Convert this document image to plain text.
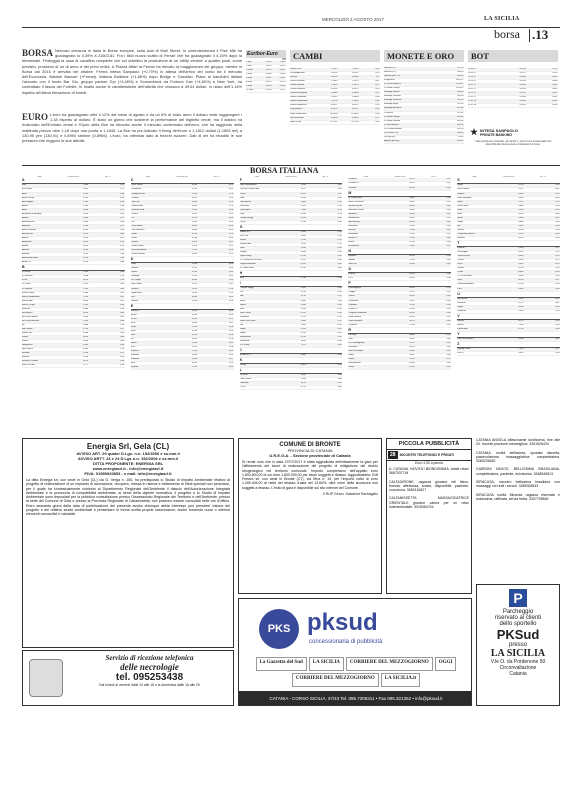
MERCOLEDÌ 2 AGOSTO 2017	LA SICILIA
borsa .13
BORSA Nervoso chiusura in Italia le Borse europee, sulla scia di Wall Street. In controtendenza il Ftse Mib ha guadagnato lo 0,39% a 21602,81. Fra i titoli nuovo scatto di Ferrari che ha guadagnato il 4,15% dopo la trimestrale. Festeggia la casa di cavallino rampante che sul obiettivo la produzione di un 'utility vehicle' a quattro posti, come previsto, prossimo di un di anno a dei primi ordini. A Piazza Affari la Ferrari ha rilevato la maggioranza del gruppo, mentre in Borsa dal 2015 è arrivata nel ottobre. Ferma Intesa Sanpaolo (+0,70%) in attesa dell'arrivo del conto tra il mercato dell'Economia. Baloise Bancari (+Ferrari). Italiana Bollicine (+1,86%) dopo Bridge e Garofalo. Piace ai banchieri italiani l'accordo con il fondo Bar Gio, gruppo partner Gpi (+3,48%) e Sonnenbeck da Fortuna Cab (+4,80%) a New York, ha contrattato il fascia del Fortnite. In risalto anche le caratteristiche dell'attività che chiusura a 49,61 dollari, in rialzo dell'1,14% rispetto all'ultima rilevazione di lunedì.
EURO L'euro ha guadagnato oltre il 12% dal mese di agosto e da un 6% di inizio anno il dollaro vede raggiungere i 1,18 rispetto al dollaro. È stato un giorno che sostiene la performance del biglietto verde, ma il dollaro ha ricalcolato dell'Emirato ormai e l'Opec della Bce ha ritrovato anche il mercato confermato dell'euro, che ha raggiunto nella mattinata prezzo oltre 1,18 dopo una punta a 1,1845. La Bce ha pre-indicato il fixing dell'euro a 1,1812 dollari (1,1853 ieri) a 130,95 yen (130,91) e 0,8994 sterline (0,8966). L'euro, ha ottimista dato ai franchi svizzeri. Dati di ieri ha ribadito le sue pressioni che reggono le sue attività.
Euribor-Euro
365
1 sett.	-0,378	-0,381
2 sett.	-0,374	-0,376
1 mese	-0,373	-0,373
2 mesi	-0,340	-0,340
3 mesi	-0,331	-0,331
6 mesi	-0,273	-0,273
9 mesi	-0,203	-0,206
12 mesi	-0,154	-0,157
CAMBI
Dollaro Usa	1,1812	1,1833	0,85
Yen giapponese	130,95	130,91	0,76
Sterlina	0,8994	0,8966	1,11
Franco svizzero	1,1440	1,1479	0,87
Corona danese	7,4370	7,4370	0,13
Corona svedese	9,6130	9,6275	0,10
Corona norvegese	9,3483	9,3800	0,11
Dollaro canadese	1,4815	1,4808	0,68
Dollaro australiano	1,4796	1,4801	0,68
Fiorino ungherese	304,27	304,25	0,33
Zloty polacco	4,2523	4,2572	0,24
Rand sudafricano	15,6958	15,5945	0,06
Real brasiliano	3,6990	3,6825	0,27
Rublo russo	70,7507	70,7730	0,01
MONETE E ORO
Sterlina (v.c.)	247,36
Sterlina (n.c.)	248,23
Sterlina (post 74)	248,23
Krugerrand	1021,22
50 Pesos Messico	1193,41
20 Dollari Liberty	1139,32
Marengo Italiano	188,09
Marengo Svizzero	189,09
Marengo Francese	187,65
Marengo Belga	187,65
Marengo Austriaco	187,65
20 Marchi	222,42
10 Dollari Liberty	601,06
10 Dollari Indiano	601,06
4 Ducati Austria	445,95
100 Corone Austria	941,94
100 Pesos Cile	586,20
Oro (per gr.)	35,35
Argento (per kg.)	496,91
BOT
31.08.17	99,938	0,734
29.09.17	99,977	0,293
13.10.17	99,958	0,410
31.10.17	99,953	0,389
14.11.17	99,946	0,402
30.11.17	99,932	0,342
14.12.17	99,917	0,287
29.12.17	99,906	0,287
12.01.18	99,899	0,381
31.01.18	99,870	0,301
INTESA SANPAOLO
PRIVATE BANKING
I dati riportati sono indicativi: gli scambi e i prezzi sono ricavati dalle fonti disponibili alla chiusura delle contrattazioni di borsa.
BORSA ITALIANA
Titolo	Prezzo di Rif.	Var. %
A
A2A	1,400	0,79
A.S. Roma	0,411	1,21
Acea	13,95	0,80
Acotel Group	3,700	-0,54
Acsm-Agam	1,990	0,00
Aedes	0,700	-1,00
Aeffe	2,680	0,75
Aeroporto di Bologna	16,20	-0,43
Alerion	2,800	0,72
Ambienthesis	0,500	0,00
Amplifon	12,66	-0,71
Anima Holding	6,465	1,49
Ansaldo Sts	12,16	0,08
Aquafil	9,850	0,51
Ascopiave	3,650	0,55
Astaldi	6,020	-1,31
Atlantia	26,49	0,42
Autogrill	11,01	1,66
Autostrade Merid.	27,00	0,00
Azimut H.	18,38	0,88
B
B. Desio	2,350	0,86
B. Generali	29,64	1,16
B. Ifis	38,14	2,34
B. Profilo	0,220	0,46
B. Sistema	2,234	0,63
Banca Finnat	0,380	0,53
Banca Mediolanum	7,320	0,47
Banco Bpm	3,024	0,07
Banca Carige	0,299	-0,43
Basicnet	3,860	0,26
BB Biotech	56,40	0,00
Bca Pop Sondrio	3,500	0,81
Bco Desio Brianza	2,350	0,86
Be	0,888	1,20
Beni Stabili	0,736	0,27
Bialetti Ind.	0,380	1,60
Biesse	38,00	0,80
Bioera	0,560	0,00
Borgosesia	0,530	0,00
Bper Banca	4,842	1,13
Brembo	12,84	0,79
Brioschi	0,150	0,00
Brunello Cucinelli	26,10	-0,38
Buzzi Unicem	21,77	0,46
Titolo	Prezzo di Rif.	Var. %
C
Cairo Comm.	3,990	0,25
Caltagirone	3,170	0,00
Caltagirone Ed.	1,320	0,76
Campari	6,355	1,60
Carel Ind.	9,800	0,20
Cattolica Ass.	8,200	0,74
Cementir Hold.	5,160	0,98
Cerved	10,20	0,39
Cia	0,220	0,00
CIR	1,332	0,30
Class Editori	0,450	0,00
CNH Industrial	9,860	-0,35
Cofide	0,556	1,09
Conafi	0,296	0,00
Credem	6,100	0,91
Credito Valtell.	5,370	1,51
Csp International	1,110	0,00
Cucina Società	4,500	0,22
D
Dada	2,950	0,00
Damiani	1,230	0,00
Danieli	22,44	0,45
Datalogic	27,00	0,63
De' Longhi	28,40	0,35
DeA Capital	1,570	0,32
Diasorin	74,05	0,14
Digital Bros	13,60	1,12
Dea	0,400	0,00
Dobank	12,60	0,64
E
Edison R	1,420	0,00
EEMS	0,350	0,00
El. En.	28,30	0,71
Elica	2,480	0,81
Emak	2,100	0,48
Enav	4,130	0,24
Enel	4,878	0,98
Eni	13,65	0,74
Eprice	2,240	0,45
ERG	12,62	0,16
Esprinet	7,070	0,43
Eukedos	1,060	0,00
Eurotech	1,636	0,37
Exor	54,90	1,29
Exprivia	1,228	0,49
Titolo	Prezzo di Rif.	Var. %
F
Falck Renewables	1,450	0,69
Fca-Fiat Chrysler Aut.	10,87	0,84
Ferrari	95,45	4,15
Fidia	5,650	0,00
Fiera Milano	3,060	0,33
Fincantieri	1,074	0,56
Finecobank	7,580	0,53
FNM	0,610	0,33
Frendy Energy	0,298	0,00
Fullsix	1,230	0,00
G
Gabetti P.S.	0,500	0,00
Gas Plus	3,900	0,26
Gefran	5,760	0,70
Generali Ass.	15,59	0,71
Geox	3,350	0,30
Gequity	0,080	0,00
Giglio Group	6,700	0,45
Gr. Ceramiche Ricchetti	0,470	0,00
Gruppo Editoriale	0,520	0,00
Gr. Waste Italia	0,150	0,00
H
Hera	2,738	0,66
I
I Grandi Viaggi	2,020	0,00
IGD	0,790	0,38
IMA	74,15	0,47
Immsi	0,560	0,18
Indel B	31,80	0,63
Inwit	5,200	0,19
Intek Group	0,292	0,34
Interpump	27,25	0,92
Intesa San Paolo	2,880	0,70
Iren	2,420	0,41
Isagro	2,470	0,41
Italgas	4,760	0,42
Italmobiliare	25,50	0,39
Italiaonline	3,020	0,00
IVS Group	11,25	0,00
J
Juventus FC	0,860	0,53
K
Kering	292,0	0,41
L
La Doria	14,90	0,68
Landi Renzo	1,450	1,40
Leonardo	14,70	0,55
LU-VE	12,70	0,00
Titolo	Prezzo di Rif.	Var. %
Luxottica	49,51	0,18
Luxottica G.	49,51	0,18
Lventure	0,550	0,00
M
M. Zanetti Bev.	6,480	0,00
Maire Tecnimont	4,464	0,36
Mariella Burani	0,000	0,00
Massimo Zanetti	6,480	0,00
Mediaset	3,364	0,18
Mediobanca	8,835	0,40
Mid Industry	0,030	0,00
Moleskine	2,380	0,00
Moncler	21,88	0,18
Mondadori	1,968	0,31
Mondo TV	7,450	0,54
Monrif	0,296	0,00
Mutuionline	13,80	0,73
N
Netweek	0,100	0,00
Newlat	1,650	0,00
Nova Re	4,200	0,00
O
Olidata	0,250	0,00
OVS	6,335	0,40
P
Panariagroup	6,030	0,33
Piaggio	2,312	0,52
Pierrel	0,260	0,00
Pininfarina	3,970	0,00
Piquadro	2,100	0,48
Pirelli & C.	6,990	0,58
Poligrafici Editoriale	0,180	0,00
Poste Italiane	6,250	0,32
Prima Industrie	30,76	0,85
Prysmian	27,44	1,07
R
Rai Way	4,868	0,35
Ratti	3,010	0,00
RCS Mediagroup	1,232	0,24
Recordati	36,33	0,36
Reno De Medici	0,380	0,26
Reply	168,2	0,36
Retelit	1,916	0,73
Risanamento	0,034	0,00
Rosss	0,760	0,00
Titolo	Prezzo di Rif.	Var. %
S
Sabaf	19,90	0,00
Saes Getters	23,12	0,61
Saipem	4,004	0,20
Salini Impregilo	3,014	0,40
Saras	2,176	0,74
Servizi Italia	4,840	0,00
Sesa	25,80	0,39
SIAS	10,90	0,46
Snam	3,900	0,41
Sogefi	4,680	0,64
Sol	9,850	0,00
Space2	10,00	0,00
STMicroelectronics	14,05	0,43
Stefanel	0,210	0,00
T
Tamburi	5,900	0,17
Technogym	8,200	0,24
Telecom Italia	0,850	0,53
Tenaris	13,80	0,73
Terna	4,820	0,10
Tesmec	0,700	0,00
Tiscali	0,044	0,00
TXT e-solutions	9,900	0,00
Tod's	58,05	0,17
Toscana Aeroporti	15,50	0,00
Trevi	0,980	0,00
U
UBI Banca	3,944	0,51
Unicredit	17,35	0,67
Unipol	4,106	0,36
UnipolSai	2,034	0,30
V
Valsoia	20,25	0,00
Vianini	1,500	0,00
Vittoria Ass.	12,50	0,00
Y
Yoox Net-a-porter	24,86	0,62
Z
Zignago Vetro	7,520	0,27
Zucchi	0,030	0,00
Energia Srl, Gela (CL)
AVVISO ART. 29 quater D.Lgs. n.n. 152/2006 e ss.mm.ii
AVVISO ARTT. 23 e 24 D.Lgs n.n. 152/2006 e ss.mm.ii
DITTA PROPONENTE: ENERGIA SRL
www.energiasrl.it - info@energiasrl.it
PIVA: 01950920853 - e mail: info@energiasrl.it
La ditta Energia srl, con sede in Gela (CL) via G. Verga n. 150, ha predisposto lo Studio di Impatto Ambientale relativo al progetto di realizzazione di un impianto di lavorazione, recupero, messa in riserva e trattamento di rifiuti speciali non pericolosi, per il quale ha contestualmente richiesto al Dipartimento Regionale dell'Ambiente il rilascio dell'Autorizzazione Integrata Ambientale e la pronuncia di compatibilità ambientale, ai sensi della vigente normativa. Il progetto e lo Studio di Impatto Ambientale sono depositati per la pubblica consultazione presso l'Assessorato Regionale del Territorio e dell'Ambiente, presso la sede del Comune di Gela e presso la Provincia Regionale di Caltanissetta, ove possono essere consultati nelle ore d'ufficio. Entro sessanta giorni dalla data di pubblicazione del presente avviso chiunque abbia interesse può prendere visione del progetto e del relativo studio ambientale e presentare in forma scritta proprie osservazioni, anche fornendo nuovi o ulteriori elementi conoscitivi e valutativi.
Servizio di ricezione telefonica
delle necrologie
tel. 095253438
Dal lunedì al venerdì dalle 10 alle 18 e la domenica dalle 16 alle 20
COMUNE DI BRONTE
PROVINCIA DI CATANIA
U.R.E.G.A. - Sezione provinciale di Catania
Si rende noto che in data 27/07/2017 è stata aggiudicata definitivamente la gara per l'affidamento dei lavori di realizzazione del progetto di mitigazione del rischio idrogeologico nel territorio comunale. Importo complessivo dell'appalto euro 1.693.500,00 di cui euro 1.600.000,00 per lavori soggetti a ribasso. Aggiudicataria: Edil Ferrara srl, con sede in Bronte (CT), via Etna n. 10, per l'importo netto di euro 1.405.406,00 al netto del ribasso d'asta del 12,66%, oltre oneri della sicurezza non soggetti a ribasso. L'esito di gara è disponibile sul sito internet del Comune.
Il RUP Geom. Salvatore Barbagallo
PICCOLA PUBBLICITÀ
28	INCONTRI TELEFONICI E PRIVATI
Euro 4,50 a parola
A. CATANIA, NOVITA'! BIONDISSIMA, totale relax! 3667537744
CALTAGIRONE, ragazza giovane nel fisico, bionda, affettuosa, solare, disponibile, paziente, coccolona. 3482416627
CALTANISSETTA MASSAGGIATRICE ORIENTALE giovane carina per un relax indimenticabile. 3315064744
CATANIA ANGELA affascinante dolcissima, fine alle 20. Incontri piacevoli meravigliosi. 3281526434
CATANIA, novità bellissima, sposata discreta, piacevolissima massaggiatrice completissima. 3289226652
GIARDINI NAXOS, BELLISSIMA BRASILIANA, completissima, paziente, dolcissima. 3348549813
SIRACUSA, incontro bellissima brasiliana con massaggi con tutti i servizi. 3285326543
SIRACUSA novità Miranda ragazza riservata e dolcissima, raffinata, senza fretta. 3337795849
PKS pksud
concessionaria di pubblicità
La Gazzetta del Sud	LA SICILIA	CORRIERE DEL MEZZOGIORNO	OGGI
CORRIERE DEL MEZZOGIORNO	LA SICILIA.it
CATANIA - CORSO SICILIA, 37/43 Tel. 095.7306311 • Fax 095.321352 • info@pksud.it
P
Parcheggio
riservato ai clienti
dello sportello
PKSud
presso
LA SICILIA
V.le O. da Pordenone 50
Circonvallazione
Catania
